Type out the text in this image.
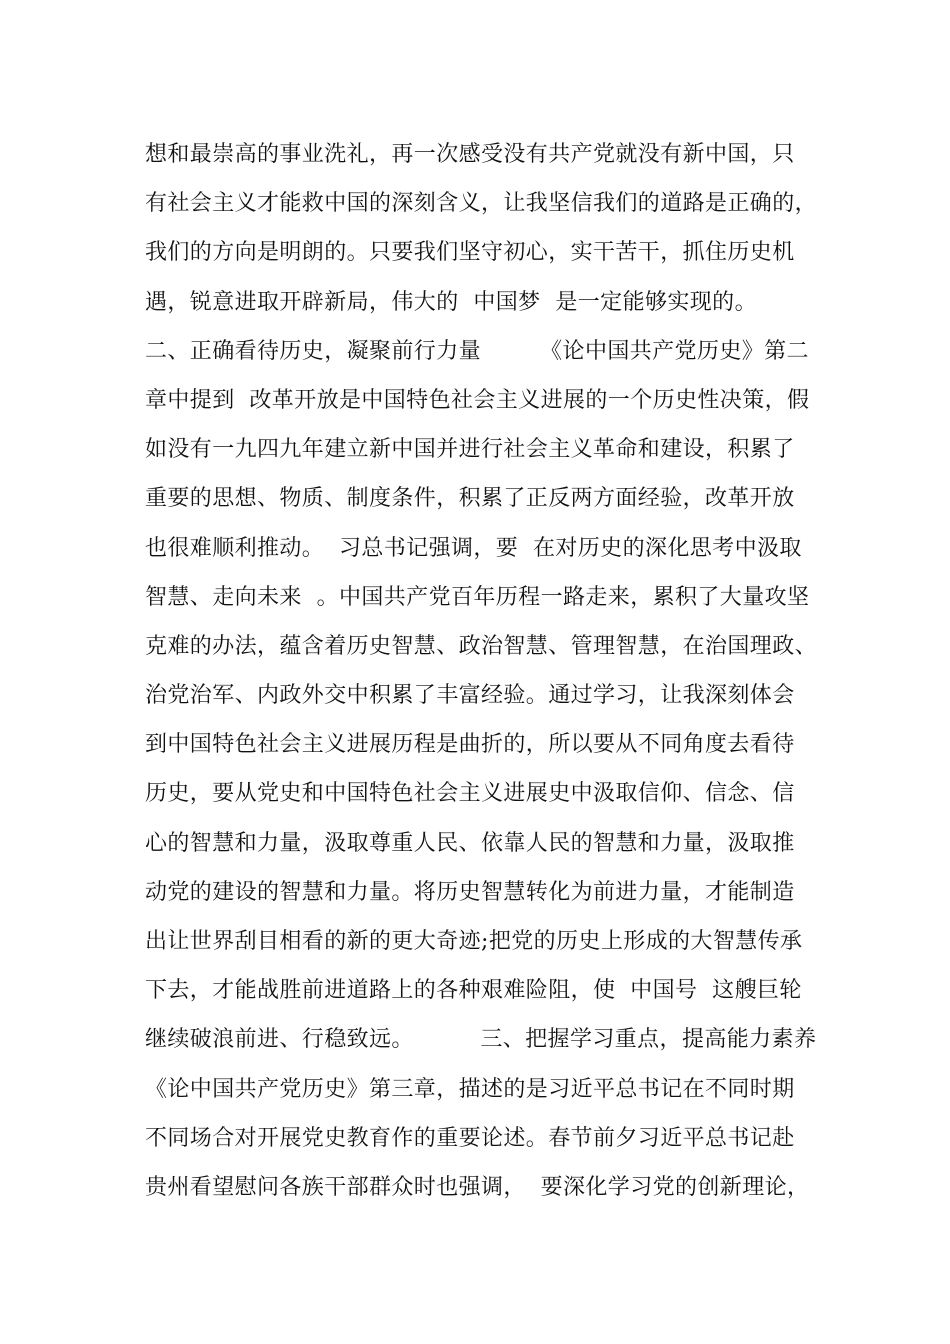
想和最崇高的事业洗礼，再一次感受没有共产党就没有新中国，只
有社会主义才能救中国的深刻含义，让我坚信我们的道路是正确的，
我们的方向是明朗的。只要我们坚守初心，实干苦干，抓住历史机
遇，锐意进取开辟新局，伟大的  中国梦  是一定能够实现的。
二、正确看待历史，凝聚前行力量        《论中国共产党历史》第二
章中提到  改革开放是中国特色社会主义进展的一个历史性决策，假
如没有一九四九年建立新中国并进行社会主义革命和建设，积累了
重要的思想、物质、制度条件，积累了正反两方面经验，改革开放
也很难顺利推动。  习总书记强调，要  在对历史的深化思考中汲取
智慧、走向未来  。中国共产党百年历程一路走来，累积了大量攻坚
克难的办法，蕴含着历史智慧、政治智慧、管理智慧，在治国理政、
治党治军、内政外交中积累了丰富经验。通过学习，让我深刻体会
到中国特色社会主义进展历程是曲折的，所以要从不同角度去看待
历史，要从党史和中国特色社会主义进展史中汲取信仰、信念、信
心的智慧和力量，汲取尊重人民、依靠人民的智慧和力量，汲取推
动党的建设的智慧和力量。将历史智慧转化为前进力量，才能制造
出让世界刮目相看的新的更大奇迹;把党的历史上形成的大智慧传承
下去，才能战胜前进道路上的各种艰难险阻，使  中国号  这艘巨轮
继续破浪前进、行稳致远。         三、把握学习重点，提高能力素养
《论中国共产党历史》第三章，描述的是习近平总书记在不同时期
不同场合对开展党史教育作的重要论述。春节前夕习近平总书记赴
贵州看望慰问各族干部群众时也强调，  要深化学习党的创新理论，
